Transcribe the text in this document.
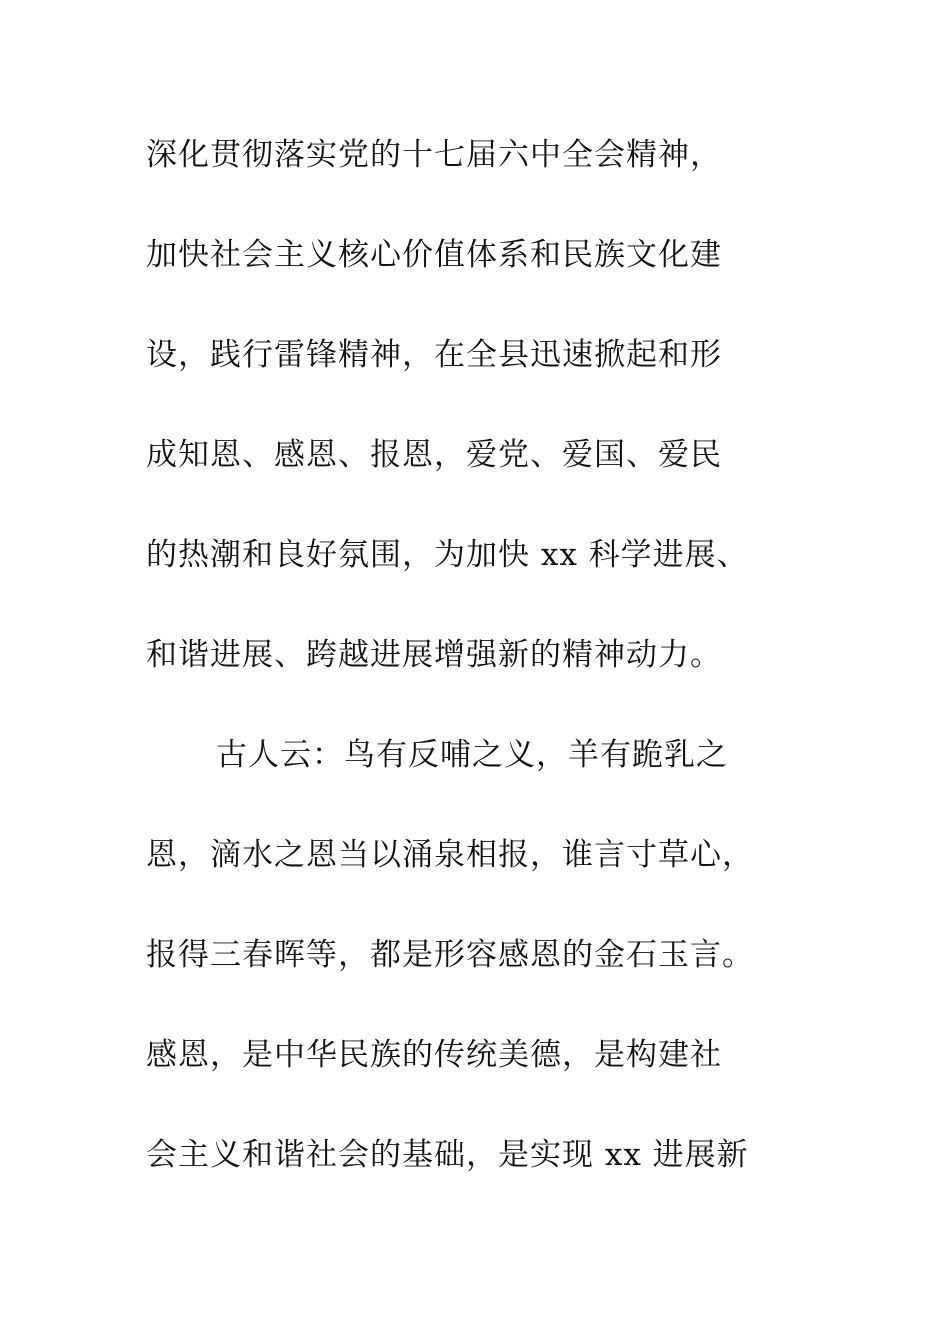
深化贯彻落实党的十七届六中全会精神，
加快社会主义核心价值体系和民族文化建
设，践行雷锋精神，在全县迅速掀起和形
成知恩、感恩、报恩，爱党、爱国、爱民
的热潮和良好氛围，为加快 xx 科学进展、
和谐进展、跨越进展增强新的精神动力。
古人云：鸟有反哺之义，羊有跪乳之
恩，滴水之恩当以涌泉相报，谁言寸草心，
报得三春晖等，都是形容感恩的金石玉言。
感恩，是中华民族的传统美德，是构建社
会主义和谐社会的基础，是实现 xx 进展新
